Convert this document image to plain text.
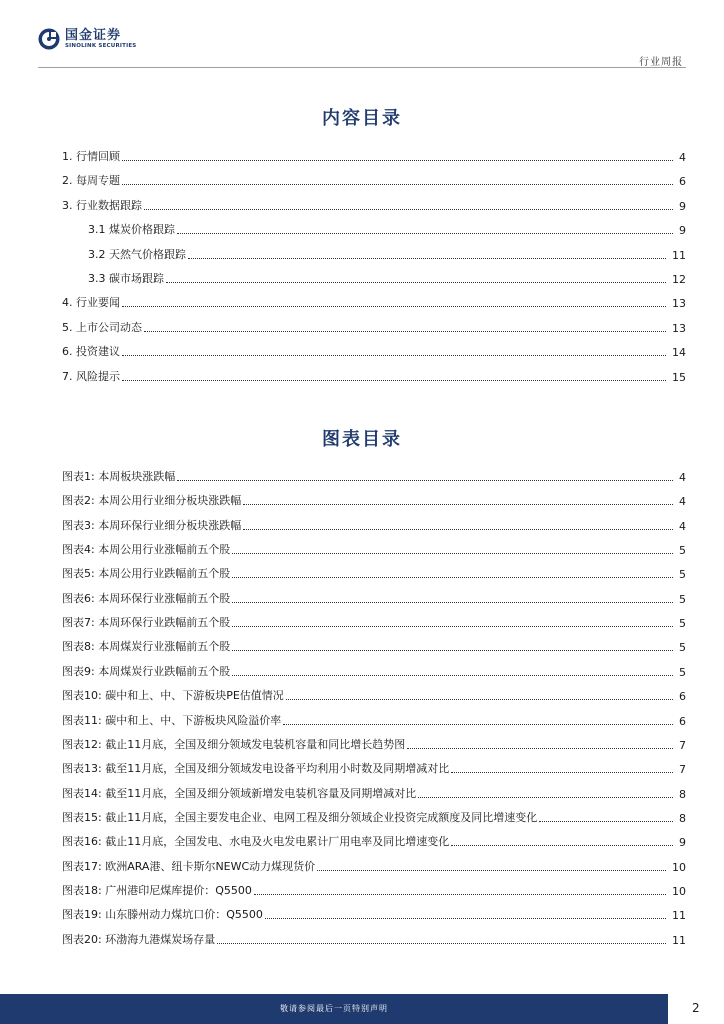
国金证券
SINOLINK SECURITIES
行业周报
内容目录
1. 行情回顾	4
2. 每周专题	6
3. 行业数据跟踪	9
3.1 煤炭价格跟踪	9
3.2 天然气价格跟踪	11
3.3 碳市场跟踪	12
4. 行业要闻	13
5. 上市公司动态	13
6. 投资建议	14
7. 风险提示	15
图表目录
图表1: 本周板块涨跌幅	4
图表2: 本周公用行业细分板块涨跌幅	4
图表3: 本周环保行业细分板块涨跌幅	4
图表4: 本周公用行业涨幅前五个股	5
图表5: 本周公用行业跌幅前五个股	5
图表6: 本周环保行业涨幅前五个股	5
图表7: 本周环保行业跌幅前五个股	5
图表8: 本周煤炭行业涨幅前五个股	5
图表9: 本周煤炭行业跌幅前五个股	5
图表10: 碳中和上、中、下游板块PE估值情况	6
图表11: 碳中和上、中、下游板块风险溢价率	6
图表12: 截止11月底，全国及细分领域发电装机容量和同比增长趋势图	7
图表13: 截至11月底，全国及细分领域发电设备平均利用小时数及同期增减对比	7
图表14: 截至11月底，全国及细分领域新增发电装机容量及同期增减对比	8
图表15: 截止11月底，全国主要发电企业、电网工程及细分领域企业投资完成额度及同比增速变化	8
图表16: 截止11月底，全国发电、水电及火电发电累计厂用电率及同比增速变化	9
图表17: 欧洲ARA港、纽卡斯尔NEWC动力煤现货价	10
图表18: 广州港印尼煤库提价：Q5500	10
图表19: 山东滕州动力煤坑口价：Q5500	11
图表20: 环渤海九港煤炭场存量	11
敬请参阅最后一页特别声明	2
